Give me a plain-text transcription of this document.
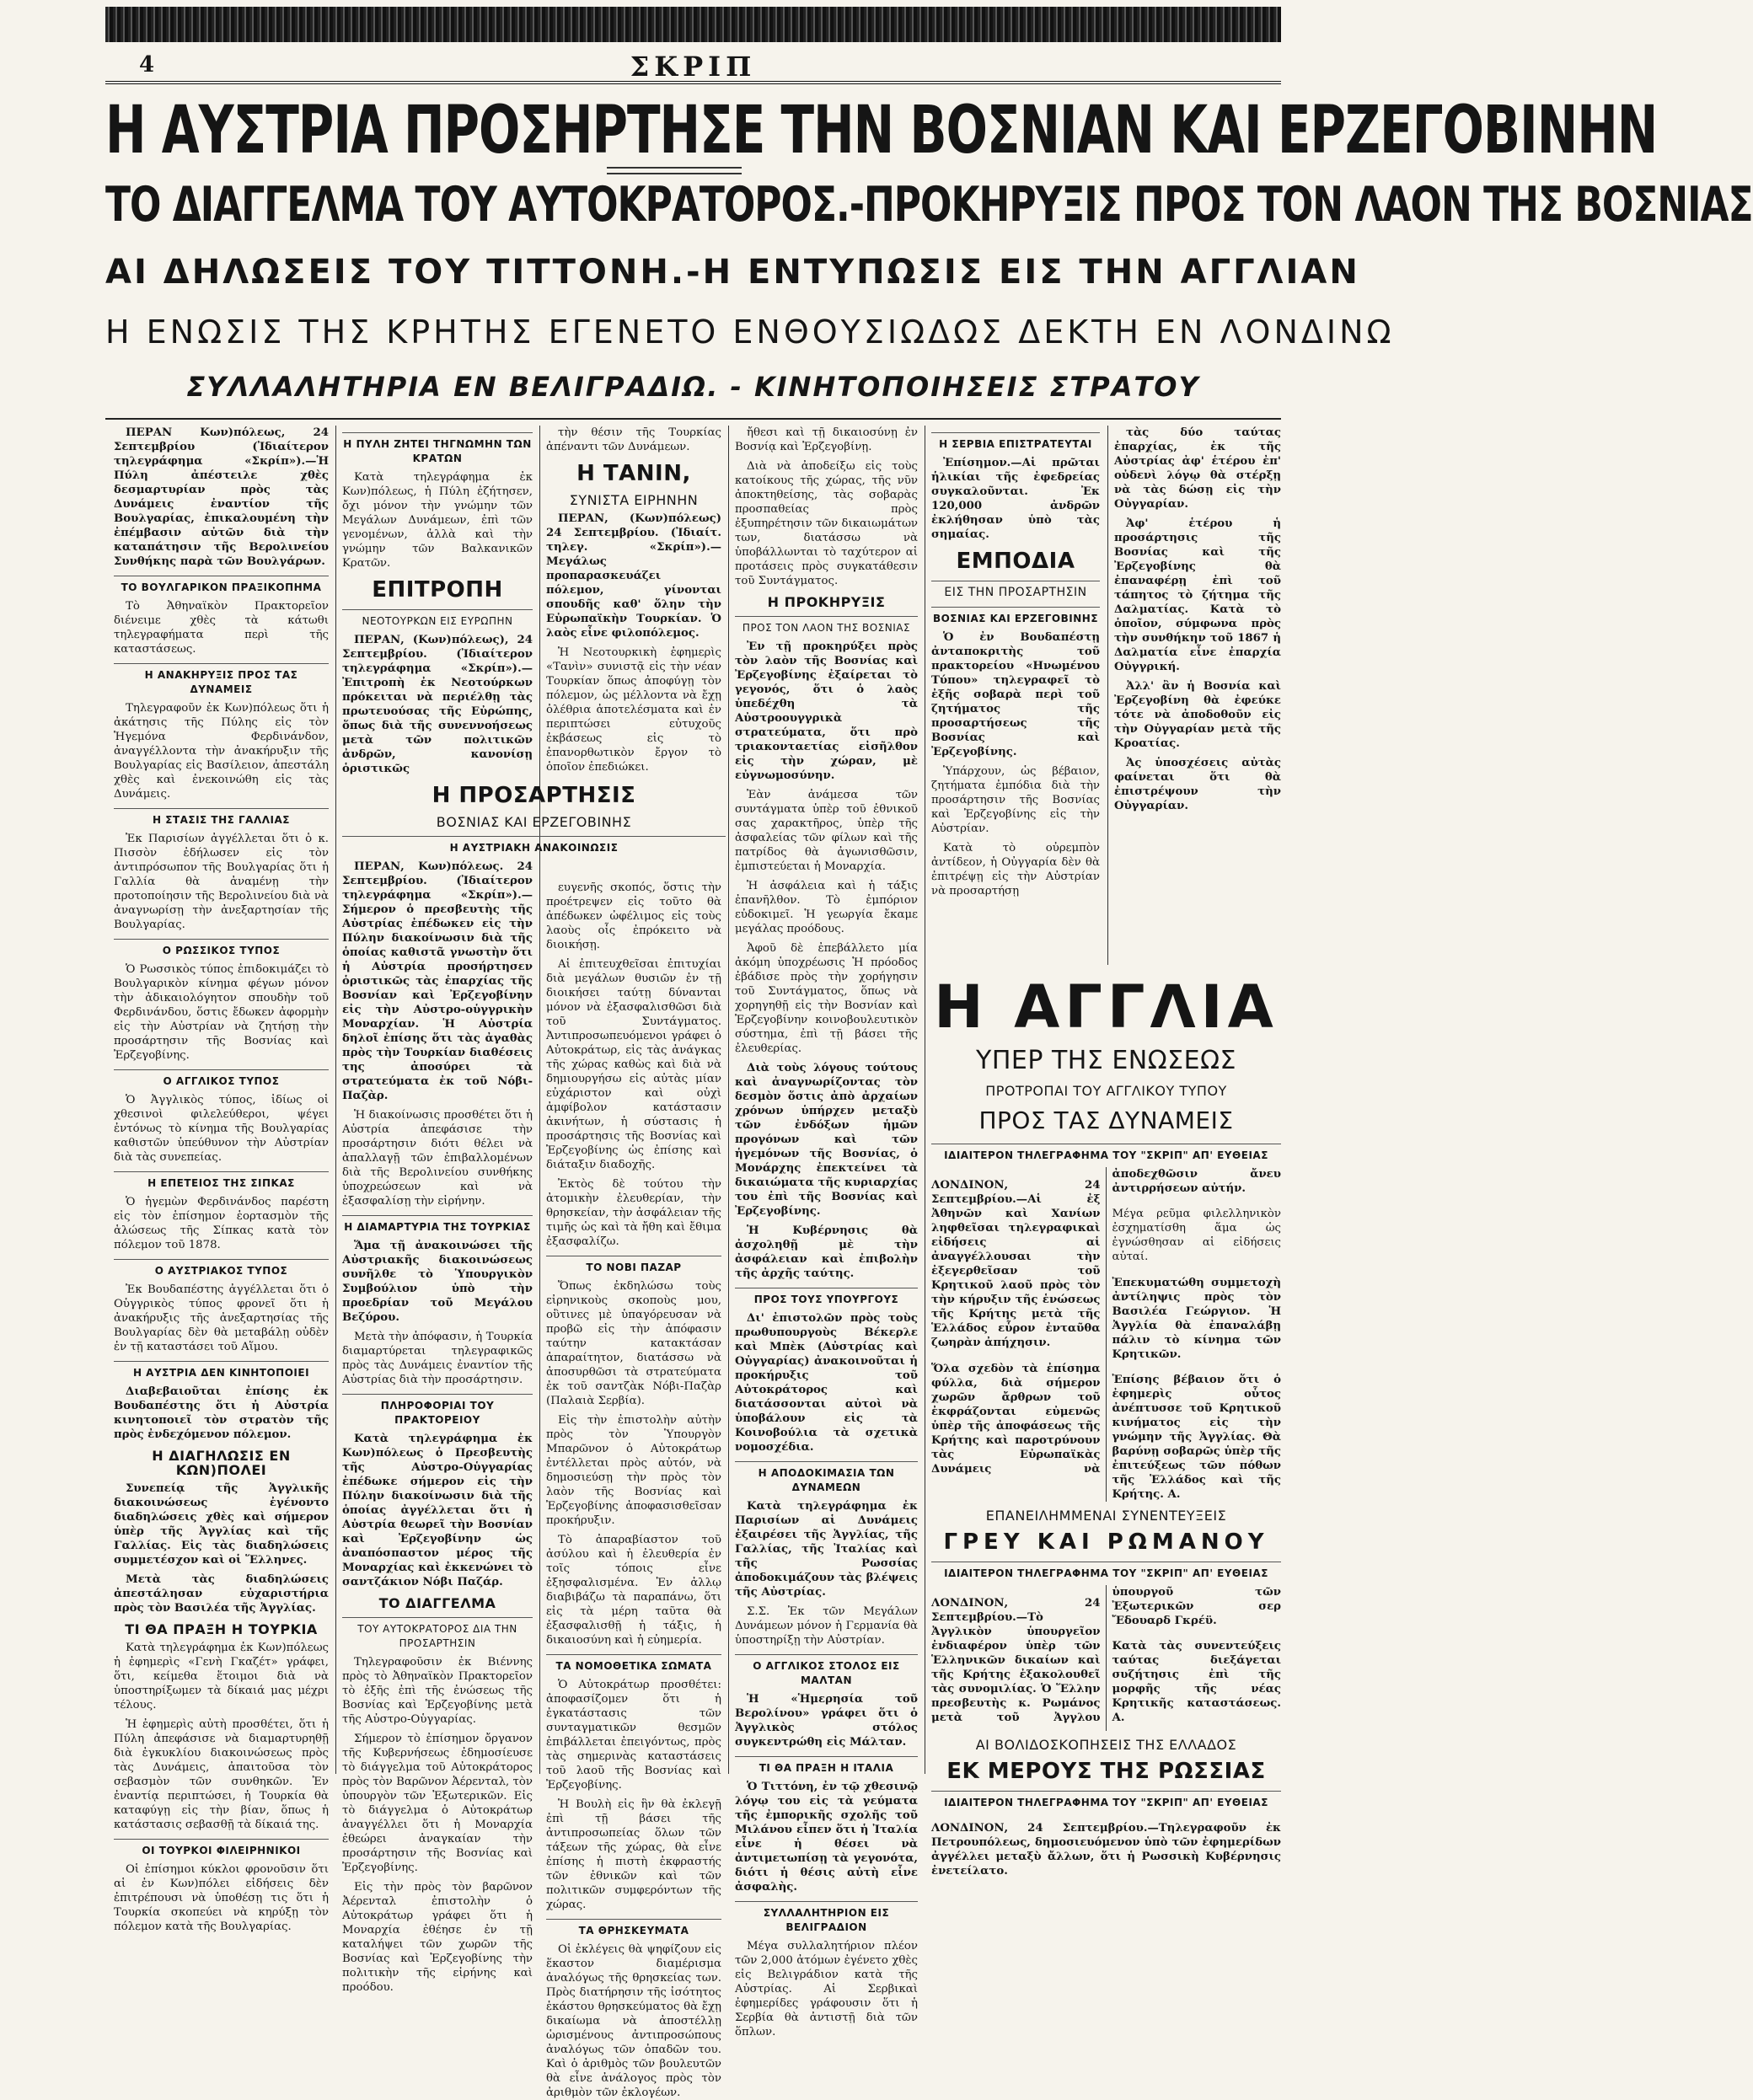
4	ΣΚΡΙΠ
Η ΑΥΣΤΡΙΑ ΠΡΟΣΗΡΤΗΣΕ ΤΗΝ ΒΟΣΝΙΑΝ ΚΑΙ ΕΡΖΕΓΟΒΙΝΗΝ
ΤΟ ΔΙΑΓΓΕΛΜΑ ΤΟΥ ΑΥΤΟΚΡΑΤΟΡΟΣ.-ΠΡΟΚΗΡΥΞΙΣ ΠΡΟΣ ΤΟΝ ΛΑΟΝ ΤΗΣ ΒΟΣΝΙΑΣ
ΑΙ ΔΗΛΩΣΕΙΣ ΤΟΥ ΤΙΤΤΟΝΗ.-Η ΕΝΤΥΠΩΣΙΣ ΕΙΣ ΤΗΝ ΑΓΓΛΙΑΝ
Η ΕΝΩΣΙΣ ΤΗΣ ΚΡΗΤΗΣ ΕΓΕΝΕΤΟ ΕΝΘΟΥΣΙΩΔΩΣ ΔΕΚΤΗ ΕΝ ΛΟΝΔΙΝΩ
ΣΥΛΛΑΛΗΤΗΡΙΑ ΕΝ ΒΕΛΙΓΡΑΔΙΩ. - ΚΙΝΗΤΟΠΟΙΗΣΕΙΣ ΣΤΡΑΤΟΥ

ΠΕΡΑΝ Κων)πόλεως, 24 Σεπτεμβρίου (Ἰδιαίτερον τηλεγράφημα «Σκρίπ»).—Ἡ Πύλη ἀπέστειλε χθὲς δεσμαρτυρίαν πρὸς τὰς Δυνάμεις ἐναντίον τῆς Βουλγαρίας, ἐπικαλουμένη τὴν ἐπέμβασιν αὐτῶν διὰ τὴν καταπάτησιν τῆς Βερολινείου Συνθήκης παρὰ τῶν Βουλγάρων.

ΤΟ ΒΟΥΛΓΑΡΙΚΟΝ ΠΡΑΞΙΚΟΠΗΜΑ

Τὸ Ἀθηναϊκὸν Πρακτορεῖον διένειμε χθὲς τὰ κάτωθι τηλεγραφήματα περὶ τῆς καταστάσεως.

Η ΑΝΑΚΗΡΥΞΙΣ ΠΡΟΣ ΤΑΣ ΔΥΝΑΜΕΙΣ

Τηλεγραφοῦν ἐκ Κων)πόλεως ὅτι ἡ ἀκάτησις τῆς Πύλης εἰς τὸν Ἡγεμόνα Φερδινάνδον, ἀναγγέλλοντα τὴν ἀνακήρυξιν τῆς Βουλγαρίας εἰς Βασίλειον, ἀπεστάλη χθὲς καὶ ἐνεκοινώθη εἰς τὰς Δυνάμεις.

Η ΣΤΑΣΙΣ ΤΗΣ ΓΑΛΛΙΑΣ

Ἐκ Παρισίων ἀγγέλλεται ὅτι ὁ κ. Πισσὸν ἐδήλωσεν εἰς τὸν ἀντιπρόσωπον τῆς Βουλγαρίας ὅτι ἡ Γαλλία θὰ ἀναμένῃ τὴν προτοποίησιν τῆς Βερολινείου διὰ νὰ ἀναγνωρίσῃ τὴν ἀνεξαρτησίαν τῆς Βουλγαρίας.

Ο ΡΩΣΣΙΚΟΣ ΤΥΠΟΣ

Ὁ Ρωσσικὸς τύπος ἐπιδοκιμάζει τὸ Βουλγαρικὸν κίνημα φέγων μόνον τὴν ἀδικαιολόγητον σπουδὴν τοῦ Φερδινάνδου, ὅστις ἔδωκεν ἀφορμὴν εἰς τὴν Αὐστρίαν νὰ ζητήσῃ τὴν προσάρτησιν τῆς Βοσνίας καὶ Ἐρζεγοβίνης.

Ο ΑΓΓΛΙΚΟΣ ΤΥΠΟΣ

Ὁ Ἀγγλικὸς τύπος, ἰδίως οἱ χθεσινοὶ φιλελεύθεροι, ψέγει ἐντόνως τὸ κίνημα τῆς Βουλγαρίας καθιστῶν ὑπεύθυνον τὴν Αὐστρίαν διὰ τὰς συνεπείας.

Η ΕΠΕΤΕΙΟΣ ΤΗΣ ΣΙΠΚΑΣ

Ὁ ἡγεμὼν Φερδινάνδος παρέστη εἰς τὸν ἑπίσημον ἑορτασμὸν τῆς ἁλώσεως τῆς Σίπκας κατὰ τὸν πόλεμον τοῦ 1878.

Ο ΑΥΣΤΡΙΑΚΟΣ ΤΥΠΟΣ

Ἐκ Βουδαπέστης ἀγγέλλεται ὅτι ὁ Οὑγγρικὸς τύπος φρονεῖ ὅτι ἡ ἀνακήρυξις τῆς ἀνεξαρτησίας τῆς Βουλγαρίας δὲν θὰ μεταβάλῃ οὐδὲν ἐν τῇ καταστάσει τοῦ Αἵμου.

Η ΑΥΣΤΡΙΑ ΔΕΝ ΚΙΝΗΤΟΠΟΙΕΙ

Διαβεβαιοῦται ἐπίσης ἐκ Βουδαπέστης ὅτι ἡ Αὐστρία κινητοποιεῖ τὸν στρατὸν τῆς πρὸς ἐνδεχόμενον πόλεμον.

Η ΔΙΑΓΗΛΩΣΙΣ ΕΝ ΚΩΝ)ΠΟΛΕΙ

Συνεπείᾳ τῆς Ἀγγλικῆς διακοινώσεως ἐγένοντο διαδηλώσεις χθὲς καὶ σήμερον ὑπὲρ τῆς Ἀγγλίας καὶ τῆς Γαλλίας. Εἰς τὰς διαδηλώσεις συμμετέσχον καὶ οἱ Ἕλληνες.

Μετὰ τὰς διαδηλώσεις ἀπεστάλησαν εὐχαριστήρια πρὸς τὸν Βασιλέα τῆς Ἀγγλίας.

ΤΙ ΘΑ ΠΡΑΞΗ Η ΤΟΥΡΚΙΑ

Κατὰ τηλεγράφημα ἐκ Κων)πόλεως ἡ ἐφημερὶς «Γενὴ Γκαζέτ» γράφει, ὅτι, κείμεθα ἕτοιμοι διὰ νὰ ὑποστηρίξωμεν τὰ δίκαιά μας μέχρι τέλους.

Ἡ ἐφημερὶς αὐτὴ προσθέτει, ὅτι ἡ Πύλη ἀπεφάσισε νὰ διαμαρτυρηθῇ διὰ ἐγκυκλίου διακοινώσεως πρὸς τὰς Δυνάμεις, ἀπαιτοῦσα τὸν σεβασμὸν τῶν συνθηκῶν. Ἐν ἐναντίᾳ περιπτώσει, ἡ Τουρκία θὰ καταφύγῃ εἰς τὴν βίαν, ὅπως ἡ κατάστασις σεβασθῇ τὰ δίκαιά της.

ΟΙ ΤΟΥΡΚΟΙ ΦΙΛΕΙΡΗΝΙΚΟΙ

Οἱ ἐπίσημοι κύκλοι φρονοῦσιν ὅτι αἱ ἐν Κων)πόλει εἰδήσεις δὲν ἐπιτρέπουσι νὰ ὑποθέσῃ τις ὅτι ἡ Τουρκία σκοπεύει νὰ κηρύξῃ τὸν πόλεμον κατὰ τῆς Βουλγαρίας.

Η ΠΥΛΗ ΖΗΤΕΙ ΤΗΓΝΩΜΗΝ ΤΩΝ ΚΡΑΤΩΝ

Κατὰ τηλεγράφημα ἐκ Κων)πόλεως, ἡ Πύλη ἐζήτησεν, ὄχι μόνον τὴν γνώμην τῶν Μεγάλων Δυνάμεων, ἐπὶ τῶν γενομένων, ἀλλὰ καὶ τὴν γνώμην τῶν Βαλκανικῶν Κρατῶν.

ΕΠΙΤΡΟΠΗ
ΝΕΟΤΟΥΡΚΩΝ ΕΙΣ ΕΥΡΩΠΗΝ

ΠΕΡΑΝ, (Κων)πόλεως), 24 Σεπτεμβρίου. (Ἰδιαίτερον τηλεγράφημα «Σκρίπ»).—Ἐπιτροπὴ ἐκ Νεοτούρκων πρόκειται νὰ περιέλθῃ τὰς πρωτευούσας τῆς Εὐρώπης, ὅπως διὰ τῆς συνεννοήσεως μετὰ τῶν πολιτικῶν ἀνδρῶν, κανονίσῃ ὁριστικῶς

Η ΠΡΟΣΑΡΤΗΣΙΣ
ΒΟΣΝΙΑΣ ΚΑΙ ΕΡΖΕΓΟΒΙΝΗΣ
Η ΑΥΣΤΡΙΑΚΗ ΑΝΑΚΟΙΝΩΣΙΣ

ΠΕΡΑΝ, Κων)πόλεως. 24 Σεπτεμβρίου. (Ἰδιαίτερον τηλεγράφημα «Σκρίπ»).—Σήμερον ὁ πρεσβευτὴς τῆς Αὐστρίας ἐπέδωκεν εἰς τὴν Πύλην διακοίνωσιν διὰ τῆς ὁποίας καθιστᾶ γνωστὴν ὅτι ἡ Αὐστρία προσήρτησεν ὁριστικῶς τὰς ἐπαρχίας τῆς Βοσνίαν καὶ Ἐρζεγοβίνην εἰς τὴν Αὐστρο-οὑγγρικὴν Μοναρχίαν. Ἡ Αὐστρία δηλοῖ ἐπίσης ὅτι τὰς ἀγαθὰς πρὸς τὴν Τουρκίαν διαθέσεις της ἀποσύρει τὰ στρατεύματα ἐκ τοῦ Νόβι-Παζὰρ.

Ἡ διακοίνωσις προσθέτει ὅτι ἡ Αὐστρία ἀπεφάσισε τὴν προσάρτησιν διότι θέλει νὰ ἀπαλλαγῇ τῶν ἐπιβαλλομένων διὰ τῆς Βερολινείου συνθήκης ὑποχρεώσεων καὶ νὰ ἐξασφαλίσῃ τὴν εἰρήνην.

Η ΔΙΑΜΑΡΤΥΡΙΑ ΤΗΣ ΤΟΥΡΚΙΑΣ

Ἅμα τῇ ἀνακοινώσει τῆς Αὐστριακῆς διακοινώσεως συνῆλθε τὸ Ὑπουργικὸν Συμβούλιον ὑπὸ τὴν προεδρίαν τοῦ Μεγάλου Βεζύρου.

Μετὰ τὴν ἀπόφασιν, ἡ Τουρκία διαμαρτύρεται τηλεγραφικῶς πρὸς τὰς Δυνάμεις ἐναντίον τῆς Αὐστρίας διὰ τὴν προσάρτησιν.

ΠΛΗΡΟΦΟΡΙΑΙ ΤΟΥ ΠΡΑΚΤΟΡΕΙΟΥ

Κατὰ τηλεγράφημα ἐκ Κων)πόλεως ὁ Πρεσβευτὴς τῆς Αὐστρο-Οὑγγαρίας ἐπέδωκε σήμερον εἰς τὴν Πύλην διακοίνωσιν διὰ τῆς ὁποίας ἀγγέλλεται ὅτι ἡ Αὐστρία θεωρεῖ τὴν Βοσνίαν καὶ Ἐρζεγοβίνην ὡς ἀναπόσπαστον μέρος τῆς Μοναρχίας καὶ ἐκκενώνει τὸ σαντζάκιον Νόβι Παζάρ.

ΤΟ ΔΙΑΓΓΕΛΜΑ
ΤΟΥ ΑΥΤΟΚΡΑΤΟΡΟΣ ΔΙΑ ΤΗΝ ΠΡΟΣΑΡΤΗΣΙΝ

Τηλεγραφοῦσιν ἐκ Βιέννης πρὸς τὸ Ἀθηναϊκὸν Πρακτορεῖον τὸ ἐξῆς ἐπὶ τῆς ἐνώσεως τῆς Βοσνίας καὶ Ἐρζεγοβίνης μετὰ τῆς Αὐστρο-Οὑγγαρίας.

Σήμερον τὸ ἐπίσημον ὄργανον τῆς Κυβερνήσεως ἐδημοσίευσε τὸ διάγγελμα τοῦ Αὐτοκράτορος πρὸς τὸν Βαρῶνον Ἀέρενταλ, τὸν ὑπουργὸν τῶν Ἐξωτερικῶν. Εἰς τὸ διάγγελμα ὁ Αὐτοκράτωρ ἀναγγέλλει ὅτι ἡ Μοναρχία ἐθεώρει ἀναγκαίαν τὴν προσάρτησιν τῆς Βοσνίας καὶ Ἐρζεγοβίνης.

Εἰς τὴν πρὸς τὸν βαρῶνον Ἀέρενταλ ἐπιστολὴν ὁ Αὐτοκράτωρ γράφει ὅτι ἡ Μοναρχία ἐθέησε ἐν τῇ καταλήψει τῶν χωρῶν τῆς Βοσνίας καὶ Ἐρζεγοβίνης τὴν πολιτικὴν τῆς εἰρήνης καὶ προόδου.

τὴν θέσιν τῆς Τουρκίας ἀπέναντι τῶν Δυνάμεων.

Η ΤΑΝΙΝ,
ΣΥΝΙΣΤΑ ΕΙΡΗΝΗΝ

ΠΕΡΑΝ, (Κων)πόλεως) 24 Σεπτεμβρίου. (Ἰδιαίτ. τηλεγ. «Σκρίπ»).—Μεγάλως προπαρασκευάζει πόλεμον, γίνονται σπουδῆς καθ' ὅλην τὴν Εὐρωπαϊκὴν Τουρκίαν. Ὁ λαὸς εἶνε φιλοπόλεμος.

Ἡ Νεοτουρκικὴ ἐφημερὶς «Τανὶν» συνιστᾷ εἰς τὴν νέαν Τουρκίαν ὅπως ἀποφύγῃ τὸν πόλεμον, ὡς μέλλοντα νὰ ἔχῃ ὀλέθρια ἀποτελέσματα καὶ ἐν περιπτώσει εὐτυχοῦς ἐκβάσεως εἰς τὸ ἐπανορθωτικὸν ἔργον τὸ ὁποῖον ἐπεδιώκει.

ευγενῆς σκοπός, ὅστις τὴν προέτρεψεν εἰς τοῦτο θὰ ἀπέδωκεν ὠφέλιμος εἰς τοὺς λαοὺς οἷς ἐπρόκειτο νὰ διοικήσῃ.

Αἱ ἐπιτευχθεῖσαι ἐπιτυχίαι διὰ μεγάλων θυσιῶν ἐν τῇ διοικήσει ταύτῃ δύνανται μόνον νὰ ἐξασφαλισθῶσι διὰ τοῦ Συντάγματος. Ἀντιπροσωπευόμενοι γράφει ὁ Αὐτοκράτωρ, εἰς τὰς ἀνάγκας τῆς χώρας καθὼς καὶ διὰ νὰ δημιουργήσω εἰς αὐτὰς μίαν εὐχάριστον καὶ οὐχὶ ἀμφίβολον κατάστασιν ἀκινήτων, ἡ σύστασις ἡ προσάρτησις τῆς Βοσνίας καὶ Ἐρζεγοβίνης ὡς ἐπίσης καὶ διάταξιν διαδοχῆς.

Ἐκτὸς δὲ τούτου τὴν ἀτομικὴν ἐλευθερίαν, τὴν θρησκείαν, τὴν ἀσφάλειαν τῆς τιμῆς ὡς καὶ τὰ ἤθη καὶ ἔθιμα ἐξασφαλίζω.

ΤΟ ΝΟΒΙ ΠΑΖΑΡ

Ὅπως ἐκδηλώσω τοὺς εἰρηνικοὺς σκοποὺς μου, οὓτινες μὲ ὑπαγόρευσαν νὰ προβῶ εἰς τὴν ἀπόφασιν ταύτην κατακτάσαν ἀπαραίτητον, διατάσσω νὰ ἀποσυρθῶσι τὰ στρατεύματα ἐκ τοῦ σαντζὰκ Νόβι-Παζὰρ (Παλαιὰ Σερβία).

Εἰς τὴν ἐπιστολὴν αὐτὴν πρὸς τὸν Ὑπουργὸν Μπαρῶνον ὁ Αὐτοκράτωρ ἐντέλλεται πρὸς αὐτόν, νὰ δημοσιεύσῃ τὴν πρὸς τὸν λαὸν τῆς Βοσνίας καὶ Ἐρζεγοβίνης ἀποφασισθεῖσαν προκήρυξιν.

Τὸ ἀπαραβίαστον τοῦ ἀσύλου καὶ ἡ ἐλευθερία ἐν τοῖς τόποις εἶνε ἐξησφαλισμένα. Ἐν ἀλλῳ διαβιβάζω τὰ παραπάνω, ὅτι εἰς τὰ μέρη ταῦτα θὰ ἐξασφαλισθῇ ἡ τάξις, ἡ δικαιοσύνη καὶ ἡ εὐημερία.

ΤΑ ΝΟΜΟΘΕΤΙΚΑ ΣΩΜΑΤΑ

Ὁ Αὐτοκράτωρ προσθέτει: ἀποφασίζομεν ὅτι ἡ ἐγκατάστασις τῶν συνταγματικῶν θεσμῶν ἐπιβάλλεται ἐπειγόντως, πρὸς τὰς σημερινὰς καταστάσεις τοῦ λαοῦ τῆς Βοσνίας καὶ Ἐρζεγοβίνης.

Ἡ Βουλὴ εἰς ἣν θὰ ἐκλεγῇ ἐπὶ τῇ βάσει τῆς ἀντιπροσωπείας ὅλων τῶν τάξεων τῆς χώρας, θὰ εἶνε ἐπίσης ἡ πιστὴ ἐκφραστής τῶν ἐθνικῶν καὶ τῶν πολιτικῶν συμφερόντων τῆς χώρας.

ΤΑ ΘΡΗΣΚΕΥΜΑΤΑ

Οἱ ἐκλέγεις θὰ ψηφίζουν εἰς ἕκαστον διαμέρισμα ἀναλόγως τῆς θρησκείας των. Πρὸς διατήρησιν τῆς ἰσότητος ἑκάστου θρησκεύματος θὰ ἔχῃ δικαίωμα νὰ ἀποστέλλῃ ὡρισμένους ἀντιπροσώπους ἀναλόγως τῶν ὀπαδῶν του. Καὶ ὁ ἀριθμὸς τῶν βουλευτῶν θὰ εἶνε ἀνάλογος πρὸς τὸν ἀριθμὸν τῶν ἐκλογέων.

ἤθεσι καὶ τῇ δικαιοσύνῃ ἐν Βοσνίᾳ καὶ Ἐρζεγοβίνῃ.

Διὰ νὰ ἀποδείξω εἰς τοὺς κατοίκους τῆς χώρας, τῆς νῦν ἀποκτηθείσης, τὰς σοβαρὰς προσπαθείας πρὸς ἐξυπηρέτησιν τῶν δικαιωμάτων των, διατάσσω νὰ ὑποβάλλωνται τὸ ταχύτερον αἱ προτάσεις πρὸς συγκατάθεσιν τοῦ Συντάγματος.

Η ΠΡΟΚΗΡΥΞΙΣ
ΠΡΟΣ ΤΟΝ ΛΑΟΝ ΤΗΣ ΒΟΣΝΙΑΣ

Ἐν τῇ προκηρύξει πρὸς τὸν λαὸν τῆς Βοσνίας καὶ Ἐρζεγοβίνης ἐξαίρεται τὸ γεγονός, ὅτι ὁ λαὸς ὑπεδέχθη τὰ Αὐστροουγγρικὰ στρατεύματα, ὅτι πρὸ τριακονταετίας εἰσῆλθον εἰς τὴν χώραν, μὲ εὐγνωμοσύνην.

Ἐὰν ἀνάμεσα τῶν συντάγματα ὑπὲρ τοῦ ἐθνικοῦ σας χαρακτῆρος, ὑπὲρ τῆς ἀσφαλείας τῶν φίλων καὶ τῆς πατρίδος θὰ ἀγωνισθῶσιν, ἐμπιστεύεται ἡ Μοναρχία.

Ἡ ἀσφάλεια καὶ ἡ τάξις ἐπανῆλθον. Τὸ ἐμπόριον εὐδοκιμεῖ. Ἡ γεωργία ἔκαμε μεγάλας προόδους.

Ἀφοῦ δὲ ἐπεβάλλετο μία ἀκόμη ὑποχρέωσις Ἡ πρόοδος ἐβάδισε πρὸς τὴν χορήγησιν τοῦ Συντάγματος, ὅπως νὰ χορηγηθῇ εἰς τὴν Βοσνίαν καὶ Ἐρζεγοβίνην κοινοβουλευτικὸν σύστημα, ἐπὶ τῇ βάσει τῆς ἐλευθερίας.

Διὰ τοὺς λόγους τούτους καὶ ἀναγνωρίζοντας τὸν δεσμὸν ὅστις ἀπὸ ἀρχαίων χρόνων ὑπήρχεν μεταξὺ τῶν ἐνδόξων ἡμῶν προγόνων καὶ τῶν ἡγεμόνων τῆς Βοσνίας, ὁ Μονάρχης ἐπεκτείνει τὰ δικαιώματα τῆς κυριαρχίας του ἐπὶ τῆς Βοσνίας καὶ Ἐρζεγοβίνης.

Ἡ Κυβέρνησις θὰ ἀσχοληθῇ μὲ τὴν ἀσφάλειαν καὶ ἐπιβολὴν τῆς ἀρχῆς ταύτης.

ΠΡΟΣ ΤΟΥΣ ΥΠΟΥΡΓΟΥΣ

Δι' ἐπιστολῶν πρὸς τοὺς πρωθυπουργοὺς Βέκερλε καὶ Μπὲκ (Αὐστρίας καὶ Οὐγγαρίας) ἀνακοινοῦται ἡ προκήρυξις τοῦ Αὐτοκράτορος καὶ διατάσσονται αὐτοὶ νὰ ὑποβάλουν εἰς τὰ Κοινοβούλια τὰ σχετικὰ νομοσχέδια.

Η ΑΠΟΔΟΚΙΜΑΣΙΑ ΤΩΝ ΔΥΝΑΜΕΩΝ

Κατὰ τηλεγράφημα ἐκ Παρισίων αἱ Δυνάμεις ἐξαιρέσει τῆς Ἀγγλίας, τῆς Γαλλίας, τῆς Ἰταλίας καὶ τῆς Ρωσσίας ἀποδοκιμάζουν τὰς βλέψεις τῆς Αὐστρίας.

Σ.Σ. Ἐκ τῶν Μεγάλων Δυνάμεων μόνον ἡ Γερμανία θὰ ὑποστηρίξῃ τὴν Αὐστρίαν.

Ο ΑΓΓΛΙΚΟΣ ΣΤΟΛΟΣ ΕΙΣ ΜΑΛΤΑΝ

Ἡ «Ἡμερησία τοῦ Βερολίνου» γράφει ὅτι ὁ Ἀγγλικὸς στόλος συγκεντρώθη εἰς Μάλταν.

ΤΙ ΘΑ ΠΡΑΞΗ Η ΙΤΑΛΙΑ

Ὁ Τιττόνη, ἐν τῷ χθεσινῷ λόγῳ του εἰς τὰ γεύματα τῆς ἐμπορικῆς σχολῆς τοῦ Μιλάνου εἶπεν ὅτι ἡ Ἰταλία εἶνε ἡ θέσει νὰ ἀντιμετωπίσῃ τὰ γεγονότα, διότι ἡ θέσις αὐτὴ εἶνε ἀσφαλὴς.

ΣΥΛΛΑΛΗΤΗΡΙΟΝ ΕΙΣ ΒΕΛΙΓΡΑΔΙΟΝ

Μέγα συλλαλητήριον πλέον τῶν 2,000 ἀτόμων ἐγένετο χθὲς εἰς Βελιγράδιον κατὰ τῆς Αὐστρίας. Αἱ Σερβικαὶ ἐφημερίδες γράφουσιν ὅτι ἡ Σερβία θὰ ἀντιστῇ διὰ τῶν ὅπλων.

Η ΣΕΡΒΙΑ ΕΠΙΣΤΡΑΤΕΥΤΑΙ

Ἐπίσημον.—Αἱ πρῶται ἡλικίαι τῆς ἐφεδρείας συγκαλοῦνται. Ἐκ 120,000 ἀνδρῶν ἐκλήθησαν ὑπὸ τὰς σημαίας.

ΕΜΠΟΔΙΑ
ΕΙΣ ΤΗΝ ΠΡΟΣΑΡΤΗΣΙΝ
ΒΟΣΝΙΑΣ ΚΑΙ ΕΡΖΕΓΟΒΙΝΗΣ

Ὁ ἐν Βουδαπέστῃ ἀνταποκριτὴς τοῦ πρακτορείου «Ηνωμένου Τύπου» τηλεγραφεῖ τὸ ἐξῆς σοβαρὰ περὶ τοῦ ζητήματος τῆς προσαρτήσεως τῆς Βοσνίας καὶ Ἐρζεγοβίνης.

Ὑπάρχουν, ὡς βέβαιον, ζητήματα ἐμπόδια διὰ τὴν προσάρτησιν τῆς Βοσνίας καὶ Ἐρζεγοβίνης εἰς τὴν Αὐστρίαν.

Κατὰ τὸ οὐρεμπὸν ἀντίδεον, ἡ Οὐγγαρία δὲν θὰ ἐπιτρέψῃ εἰς τὴν Αὐστρίαν νὰ προσαρτήσῃ

τὰς δύο ταύτας ἐπαρχίας, ἐκ τῆς Αὐστρίας ἀφ' ἑτέρου ἐπ' οὐδενὶ λόγῳ θὰ στέρξῃ νὰ τὰς δώσῃ εἰς τὴν Οὐγγαρίαν.

Ἀφ' ἑτέρου ἡ προσάρτησις τῆς Βοσνίας καὶ τῆς Ἐρζεγοβίνης θὰ ἐπαναφέρῃ ἐπὶ τοῦ τάπητος τὸ ζήτημα τῆς Δαλματίας. Κατὰ τὸ ὁποῖον, σύμφωνα πρὸς τὴν συνθήκην τοῦ 1867 ἡ Δαλματία εἶνε ἐπαρχία Οὐγγρική.

Ἀλλ' ἂν ἡ Βοσνία καὶ Ἐρζεγοβίνη θὰ ἐφεύκε τότε νὰ ἀποδοθοῦν εἰς τὴν Οὐγγαρίαν μετὰ τῆς Κροατίας.

Ἀς ὑποσχέσεις αὐτὰς φαίνεται ὅτι θὰ ἐπιστρέψουν τὴν Οὐγγαρίαν.

Η ΑΓΓΛΙΑ
ΥΠΕΡ ΤΗΣ ΕΝΩΣΕΩΣ
ΠΡΟΤΡΟΠΑΙ ΤΟΥ ΑΓΓΛΙΚΟΥ ΤΥΠΟΥ
ΠΡΟΣ ΤΑΣ ΔΥΝΑΜΕΙΣ
ΙΔΙΑΙΤΕΡΟΝ ΤΗΛΕΓΡΑΦΗΜΑ ΤΟΥ "ΣΚΡΙΠ" ΑΠ' ΕΥΘΕΙΑΣ

ΛΟΝΔΙΝΟΝ, 24 Σεπτεμβρίου.—Αἱ ἐξ Ἀθηνῶν καὶ Χανίων ληφθεῖσαι τηλεγραφικαὶ εἰδήσεις αἱ ἀναγγέλλουσαι τὴν ἐξεγερθεῖσαν τοῦ Κρητικοῦ λαοῦ πρὸς τὸν τὴν κήρυξιν τῆς ἑνώσεως τῆς Κρήτης μετὰ τῆς Ἑλλάδος εὗρον ἐνταῦθα ζωηρὰν ἀπήχησιν.

Ὅλα σχεδὸν τὰ ἐπίσημα φύλλα, διὰ σήμερον χωρῶν ἄρθρων τοῦ ἐκφράζονται εὐμενῶς ὑπὲρ τῆς ἀποφάσεως τῆς Κρήτης καὶ παροτρύνουν τὰς Εὐρωπαϊκὰς Δυνάμεις νὰ ἀποδεχθῶσιν ἄνευ ἀντιρρήσεων αὐτήν.

Μέγα ρεῦμα φιλελληνικὸν ἐσχηματίσθη ἅμα ὡς ἐγνώσθησαν αἱ εἰδήσεις αὐταί.

Ἐπεκυματώθη συμμετοχὴ ἀντίληψις πρὸς τὸν Βασιλέα Γεώργιον. Ἡ Ἀγγλία θὰ ἐπαναλάβῃ πάλιν τὸ κίνημα τῶν Κρητικῶν.

Ἐπίσης βέβαιον ὅτι ὁ ἐφημερὶς οὗτος ἀνέπτυσσε τοῦ Κρητικοῦ κινήματος εἰς τὴν γνώμην τῆς Ἀγγλίας. Θὰ βαρύνῃ σοβαρῶς ὑπὲρ τῆς ἐπιτεύξεως τῶν πόθων τῆς Ἑλλάδος καὶ τῆς Κρήτης. Α.

ΕΠΑΝΕΙΛΗΜΜΕΝΑΙ ΣΥΝΕΝΤΕΥΞΕΙΣ
ΓΡΕΥ ΚΑΙ ΡΩΜΑΝΟΥ
ΙΔΙΑΙΤΕΡΟΝ ΤΗΛΕΓΡΑΦΗΜΑ ΤΟΥ "ΣΚΡΙΠ" ΑΠ' ΕΥΘΕΙΑΣ

ΛΟΝΔΙΝΟΝ, 24 Σεπτεμβρίου.—Τὸ Ἀγγλικὸν ὑπουργεῖον ἐνδιαφέρον ὑπὲρ τῶν Ἑλληνικῶν δικαίων καὶ τῆς Κρήτης ἐξακολουθεῖ τὰς συνομιλίας. Ὁ Ἕλλην πρεσβευτὴς κ. Ρωμάνος μετὰ τοῦ Ἀγγλου ὑπουργοῦ τῶν Ἐξωτερικῶν σερ Ἔδουαρδ Γκρέϋ.

Κατὰ τὰς συνεντεύξεις ταύτας διεξάγεται συζήτησις ἐπὶ τῆς μορφῆς τῆς νέας Κρητικῆς καταστάσεως. Α.

ΑΙ ΒΟΛΙΔΟΣΚΟΠΗΣΕΙΣ ΤΗΣ ΕΛΛΑΔΟΣ
ΕΚ ΜΕΡΟΥΣ ΤΗΣ ΡΩΣΣΙΑΣ
ΙΔΙΑΙΤΕΡΟΝ ΤΗΛΕΓΡΑΦΗΜΑ ΤΟΥ "ΣΚΡΙΠ" ΑΠ' ΕΥΘΕΙΑΣ

ΛΟΝΔΙΝΟΝ, 24 Σεπτεμβρίου.—Τηλεγραφοῦν ἐκ Πετρουπόλεως, δημοσιευόμενον ὑπὸ τῶν ἐφημερίδων ἀγγέλλει μεταξὺ ἄλλων, ὅτι ἡ Ρωσσικὴ Κυβέρνησις ἐνετείλατο.
